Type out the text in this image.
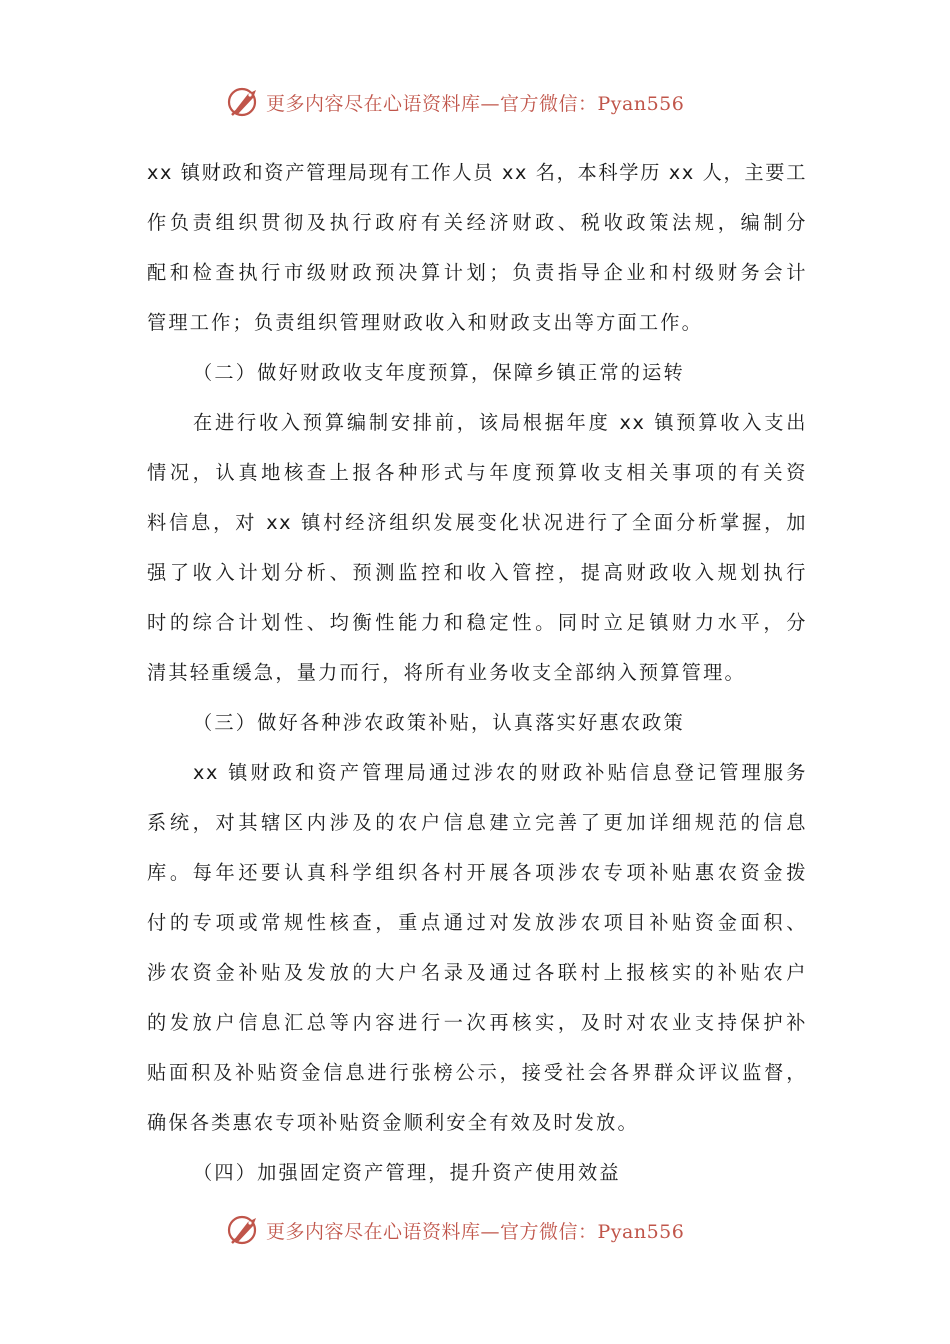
更多内容尽在心语资料库—官方微信：Pyan556
xx 镇财政和资产管理局现有工作人员 xx 名，本科学历 xx 人，主要工
作负责组织贯彻及执行政府有关经济财政、税收政策法规，编制分
配和检查执行市级财政预决算计划；负责指导企业和村级财务会计
管理工作；负责组织管理财政收入和财政支出等方面工作。
（二）做好财政收支年度预算，保障乡镇正常的运转
在进行收入预算编制安排前，该局根据年度 xx 镇预算收入支出
情况，认真地核查上报各种形式与年度预算收支相关事项的有关资
料信息，对 xx 镇村经济组织发展变化状况进行了全面分析掌握，加
强了收入计划分析、预测监控和收入管控，提高财政收入规划执行
时的综合计划性、均衡性能力和稳定性。同时立足镇财力水平，分
清其轻重缓急，量力而行，将所有业务收支全部纳入预算管理。
（三）做好各种涉农政策补贴，认真落实好惠农政策
xx 镇财政和资产管理局通过涉农的财政补贴信息登记管理服务
系统，对其辖区内涉及的农户信息建立完善了更加详细规范的信息
库。每年还要认真科学组织各村开展各项涉农专项补贴惠农资金拨
付的专项或常规性核查，重点通过对发放涉农项目补贴资金面积、
涉农资金补贴及发放的大户名录及通过各联村上报核实的补贴农户
的发放户信息汇总等内容进行一次再核实，及时对农业支持保护补
贴面积及补贴资金信息进行张榜公示，接受社会各界群众评议监督，
确保各类惠农专项补贴资金顺利安全有效及时发放。
（四）加强固定资产管理，提升资产使用效益
更多内容尽在心语资料库—官方微信：Pyan556
